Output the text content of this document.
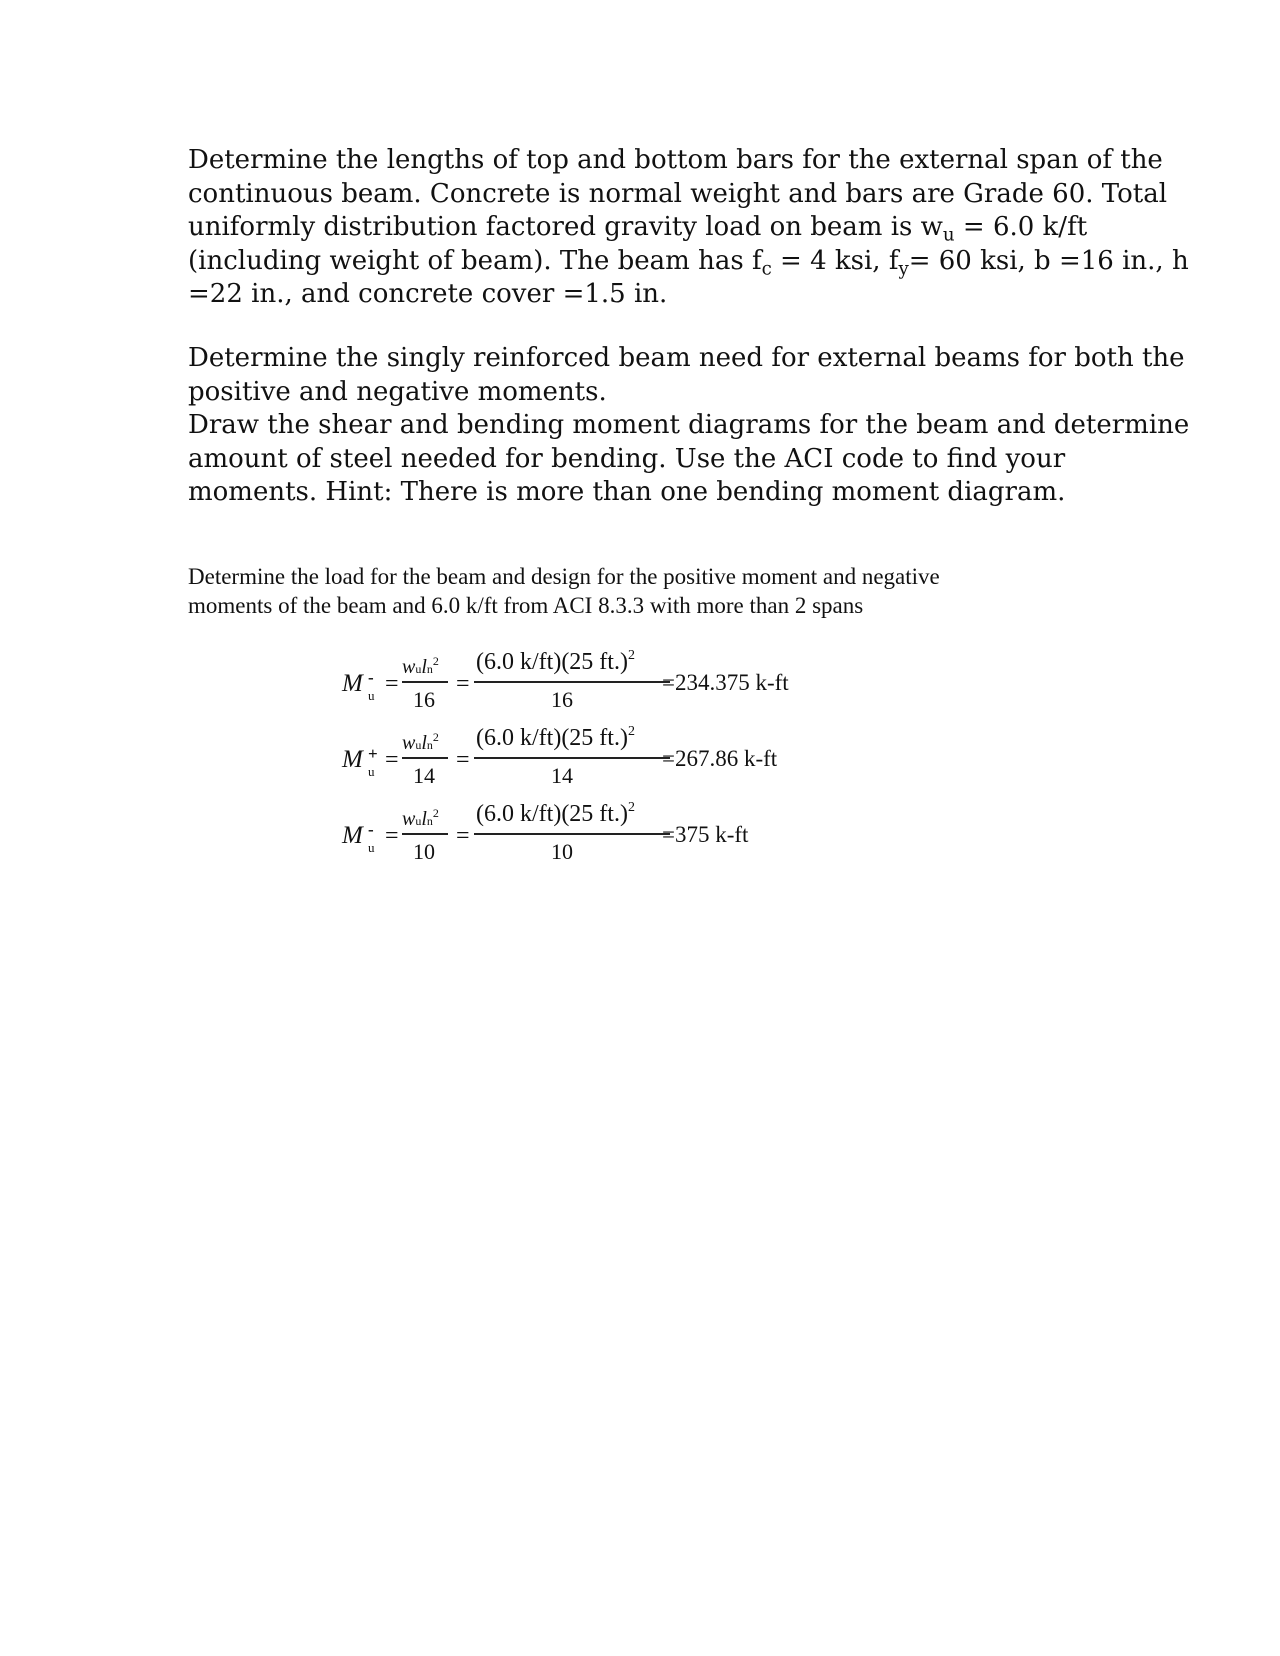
Determine the lengths of top and bottom bars for the external span of the
continuous beam. Concrete is normal weight and bars are Grade 60. Total
uniformly distribution factored gravity load on beam is $w_u = 6.0$ k/ft
(including weight of beam). The beam has $f_c = 4$ ksi, $f_y= 60$ ksi, b =16 in., h
=22 in., and concrete cover =1.5 in.

Determine the singly reinforced beam need for external beams for both the
positive and negative moments.
Draw the shear and bending moment diagrams for the beam and determine
amount of steel needed for bending. Use the ACI code to find your
moments. Hint: There is more than one bending moment diagram.

Determine the load for the beam and design for the positive moment and negative
moments of the beam and 6.0 k/ft from ACI 8.3.3 with more than 2 spans

M -
u =
wuln$^2$
16
=
(6.0 k/ft)(25 ft.)$^2$
16
=234.375 k-ft
M +
u =
wuln$^2$
14
=
(6.0 k/ft)(25 ft.)$^2$
14
=267.86 k-ft
M -
u =
wuln$^2$
10
=
(6.0 k/ft)(25 ft.)$^2$
10
=375 k-ft
